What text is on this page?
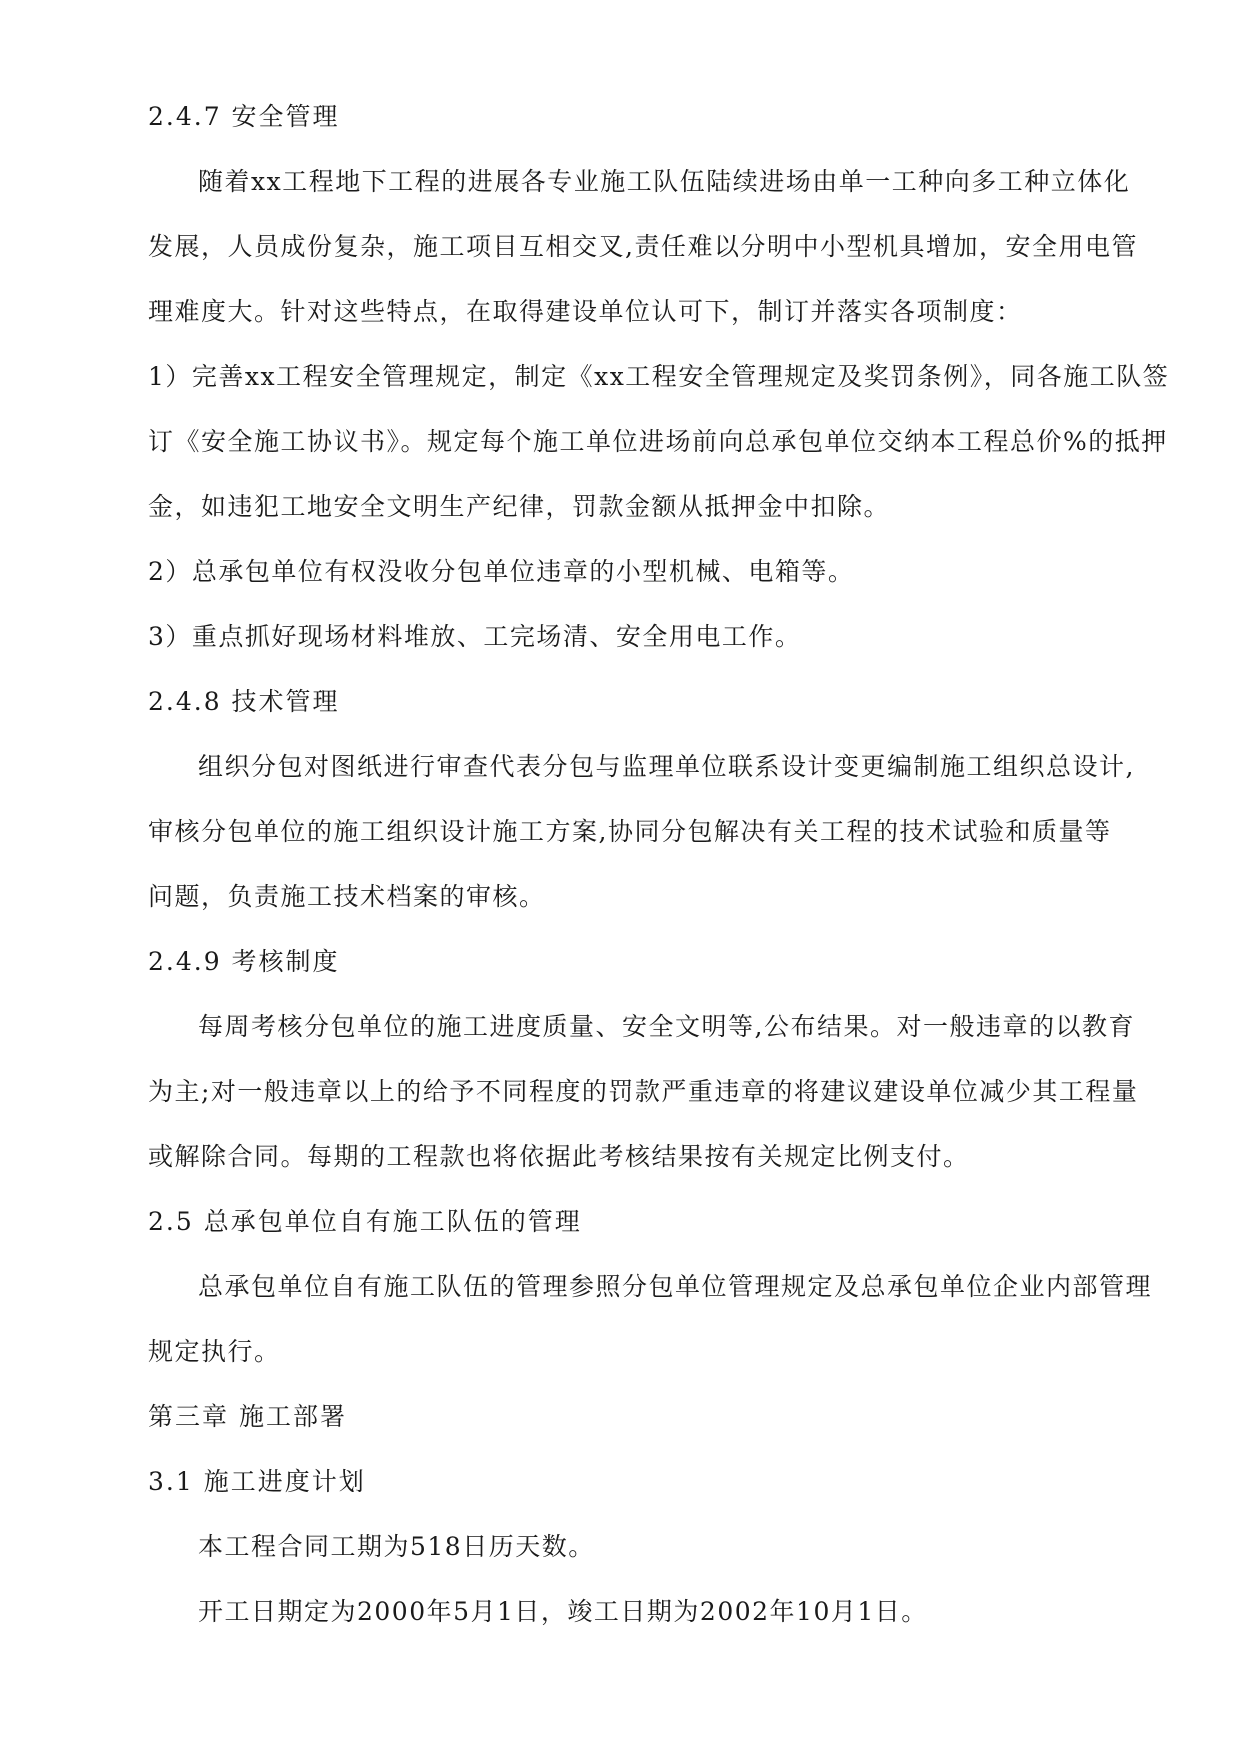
2.4.7 安全管理

随着xx工程地下工程的进展各专业施工队伍陆续进场由单一工种向多工种立体化

发展，人员成份复杂，施工项目互相交叉,责任难以分明中小型机具增加，安全用电管

理难度大。针对这些特点，在取得建设单位认可下，制订并落实各项制度：

1）完善xx工程安全管理规定，制定《xx工程安全管理规定及奖罚条例》，同各施工队签

订《安全施工协议书》。规定每个施工单位进场前向总承包单位交纳本工程总价%的抵押

金，如违犯工地安全文明生产纪律，罚款金额从抵押金中扣除。

2）总承包单位有权没收分包单位违章的小型机械、电箱等。

3）重点抓好现场材料堆放、工完场清、安全用电工作。

2.4.8 技术管理

组织分包对图纸进行审查代表分包与监理单位联系设计变更编制施工组织总设计,

审核分包单位的施工组织设计施工方案,协同分包解决有关工程的技术试验和质量等

问题，负责施工技术档案的审核。

2.4.9 考核制度

每周考核分包单位的施工进度质量、安全文明等,公布结果。对一般违章的以教育

为主;对一般违章以上的给予不同程度的罚款严重违章的将建议建设单位减少其工程量

或解除合同。每期的工程款也将依据此考核结果按有关规定比例支付。

2.5 总承包单位自有施工队伍的管理

总承包单位自有施工队伍的管理参照分包单位管理规定及总承包单位企业内部管理

规定执行。

第三章 施工部署

3.1 施工进度计划

本工程合同工期为518日历天数。

开工日期定为2000年5月1日，竣工日期为2002年10月1日。
